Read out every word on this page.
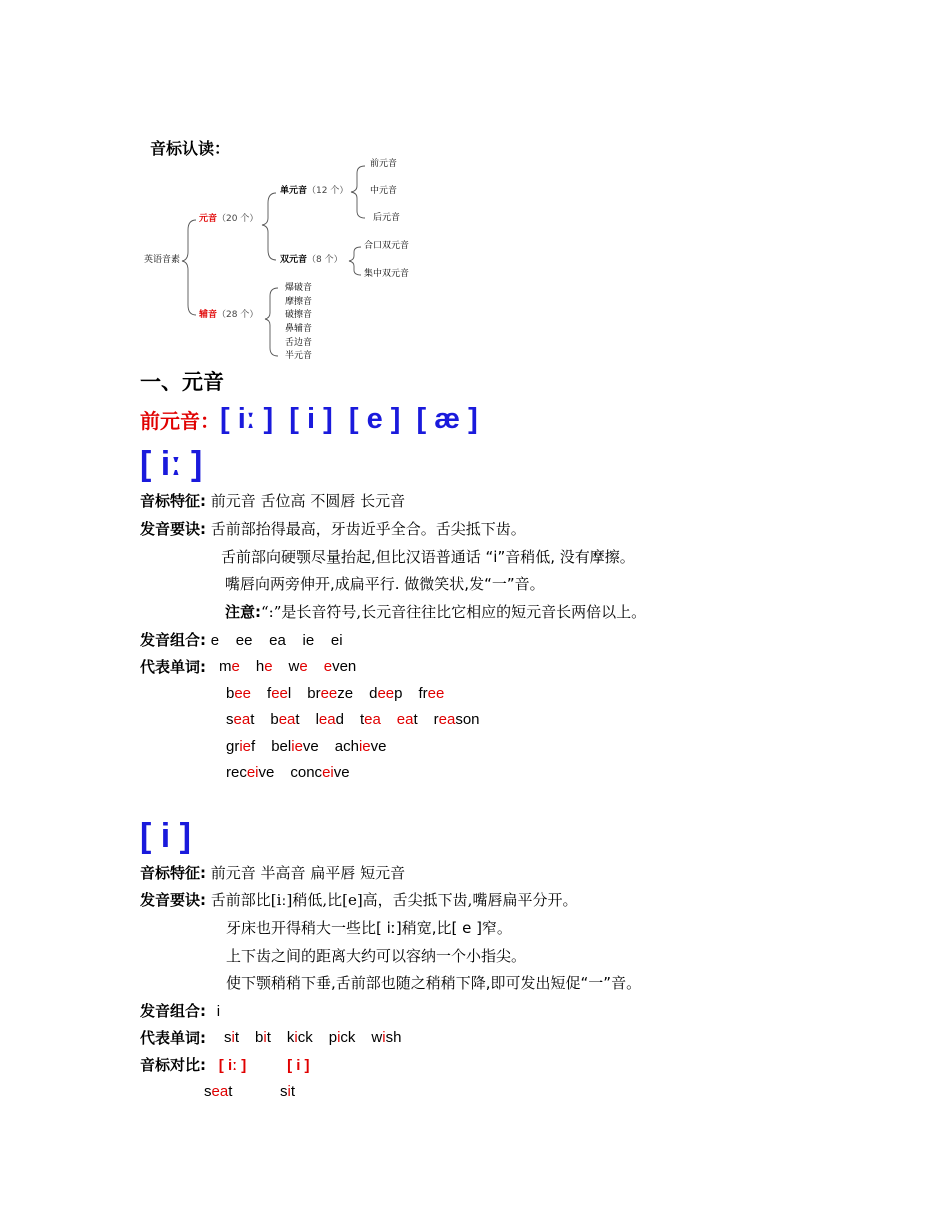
音标认读：
英语音素
元音（20 个）
辅音（28 个）
单元音（12 个）
双元音（8 个）
前元音
中元音
后元音
合口双元音
集中双元音
爆破音
摩擦音
破擦音
鼻辅音
舌边音
半元音
一、元音
前元音：[ iː ]  [ i ]  [ e ]  [ æ ]
[ iː ]
音标特征: 前元音 舌位高 不圆唇 长元音
发音要诀: 舌前部抬得最高，牙齿近乎全合。舌尖抵下齿。
舌前部向硬颚尽量抬起,但比汉语普通话 “i”音稍低, 没有摩擦。
嘴唇向两旁伸开,成扁平行. 做微笑状,发“一”音。
注意:“:”是长音符号,长元音往往比它相应的短元音长两倍以上。
发音组合: e    ee    ea    ie    ei
代表单词: me he we even
bee feel breeze deep free
seat beat lead tea eat reason
grief believe achieve
receive conceive
[ i ]
音标特征: 前元音 半高音 扁平唇 短元音
发音要诀: 舌前部比[iː]稍低,比[e]高，舌尖抵下齿,嘴唇扁平分开。
牙床也开得稍大一些比[ iː]稍宽,比[ e ]窄。
上下齿之间的距离大约可以容纳一个小指尖。
使下颚稍稍下垂,舌前部也随之稍稍下降,即可发出短促“一”音。
发音组合: i
代表单词: sit bit kick pick wish
音标对比: [ iː ]	[ i ]
seat	sit
